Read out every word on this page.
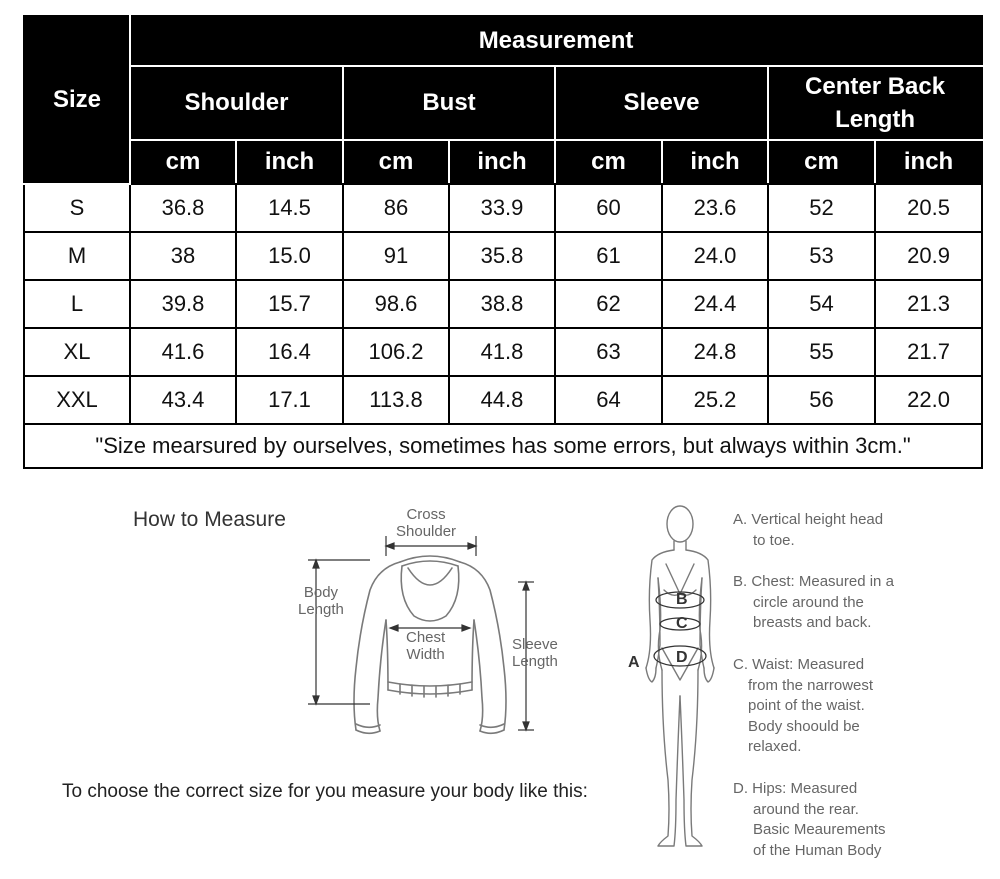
Size	Measurement							
	Shoulder		Bust		Sleeve		Center Back Length	
	cm	inch	cm	inch	cm	inch	cm	inch
S	36.8	14.5	86	33.9	60	23.6	52	20.5
M	38	15.0	91	35.8	61	24.0	53	20.9
L	39.8	15.7	98.6	38.8	62	24.4	54	21.3
XL	41.6	16.4	106.2	41.8	63	24.8	55	21.7
XXL	43.4	17.1	113.8	44.8	64	25.2	56	22.0
"Size mearsured by ourselves, sometimes has some errors, but always within 3cm."								
How to Measure	Cross
Shoulder
Body
Length
Chest
Width
Sleeve
Length
To choose the correct size for you measure your body like this:
A
B
C
D
A. Vertical height head
to toe.
B. Chest: Measured in a
circle around the
breasts and back.
C. Waist: Measured
from the narrowest
point of the waist.
Body shoould be
relaxed.
D. Hips: Measured
around the rear.
Basic Meaurements
of the Human Body
